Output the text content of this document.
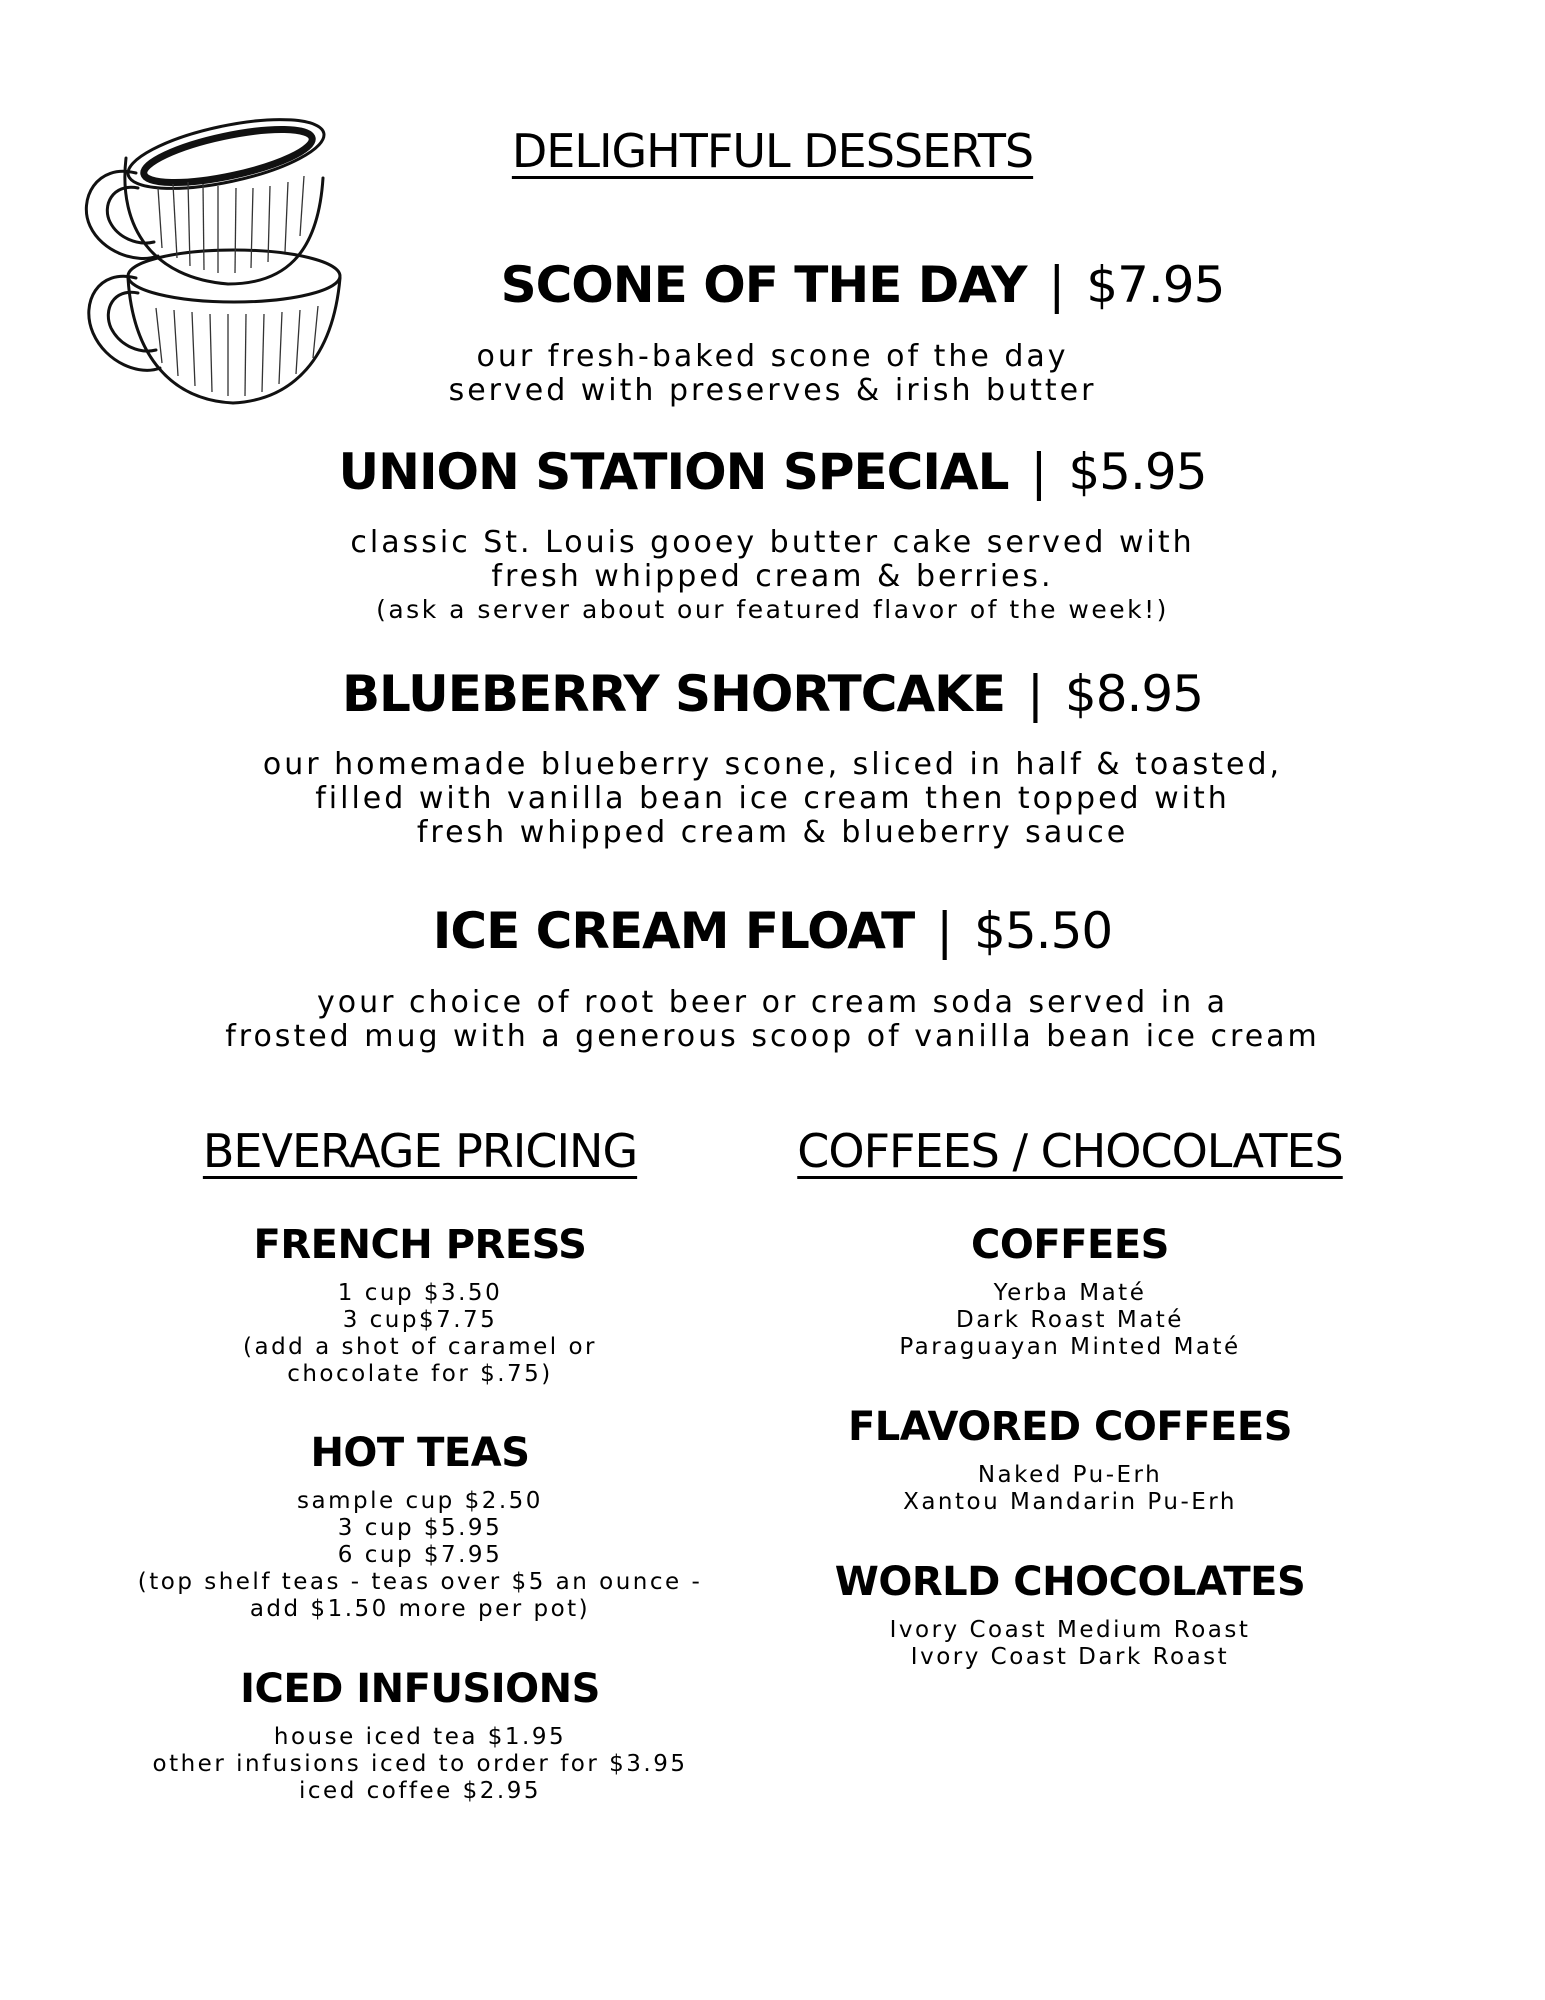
DELIGHTFUL DESSERTS
SCONE OF THE DAY | $7.95

our fresh-baked scone of the day
served with preserves & irish butter

UNION STATION SPECIAL | $5.95

classic St. Louis gooey butter cake served with
fresh whipped cream & berries.

(ask a server about our featured flavor of the week!)

BLUEBERRY SHORTCAKE | $8.95

our homemade blueberry scone, sliced in half & toasted,
filled with vanilla bean ice cream then topped with
fresh whipped cream & blueberry sauce

ICE CREAM FLOAT | $5.50

your choice of root beer or cream soda served in a
frosted mug with a generous scoop of vanilla bean ice cream

BEVERAGE PRICING
FRENCH PRESS

1 cup $3.50
3 cup$7.75
(add a shot of caramel or
chocolate for $.75)

HOT TEAS

sample cup $2.50
3 cup $5.95
6 cup $7.95
(top shelf teas - teas over $5 an ounce -
add $1.50 more per pot)

ICED INFUSIONS

house iced tea $1.95
other infusions iced to order for $3.95
iced coffee $2.95

COFFEES / CHOCOLATES
COFFEES

Yerba Maté
Dark Roast Maté
Paraguayan Minted Maté

FLAVORED COFFEES

Naked Pu-Erh
Xantou Mandarin Pu-Erh

WORLD CHOCOLATES

Ivory Coast Medium Roast
Ivory Coast Dark Roast
